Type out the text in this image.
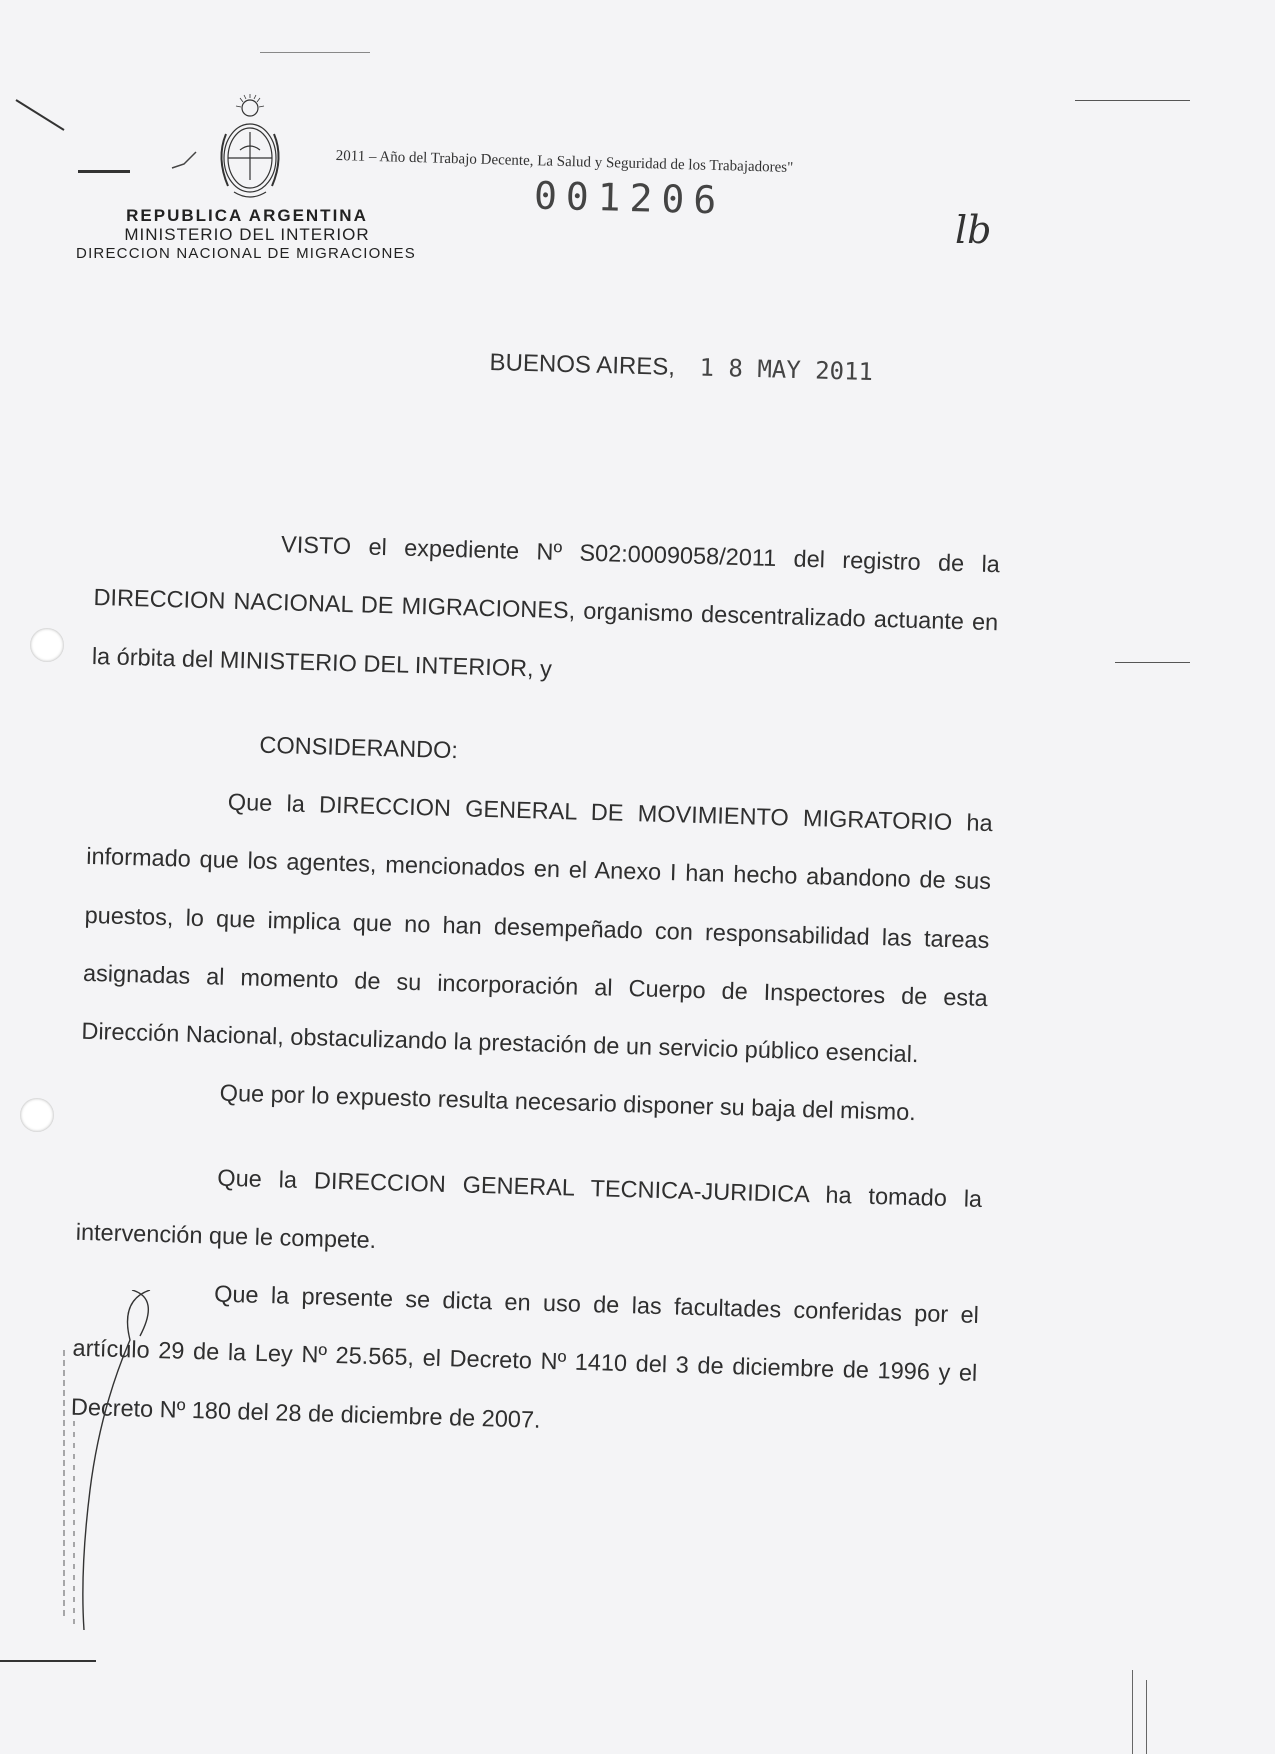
REPUBLICA ARGENTINA
MINISTERIO DEL INTERIOR
DIRECCION NACIONAL DE MIGRACIONES
2011 – Año del Trabajo Decente, La Salud y Seguridad de los Trabajadores"
001206
lb
BUENOS AIRES, 1 8 MAY 2011

VISTO el expediente Nº S02:0009058/2011 del registro de la DIRECCION NACIONAL DE MIGRACIONES, organismo descentralizado actuante en la órbita del MINISTERIO DEL INTERIOR, y

CONSIDERANDO:

Que la DIRECCION GENERAL DE MOVIMIENTO MIGRATORIO ha informado que los agentes, mencionados en el Anexo I han hecho abandono de sus puestos, lo que implica que no han desempeñado con responsabilidad las tareas asignadas al momento de su incorporación al Cuerpo de Inspectores de esta Dirección Nacional, obstaculizando la prestación de un servicio público esencial.

Que por lo expuesto resulta necesario disponer su baja del mismo.

Que la DIRECCION GENERAL TECNICA-JURIDICA ha tomado la intervención que le compete.

Que la presente se dicta en uso de las facultades conferidas por el artículo 29 de la Ley Nº 25.565, el Decreto Nº 1410 del 3 de diciembre de 1996 y el Decreto Nº 180 del 28 de diciembre de 2007.
